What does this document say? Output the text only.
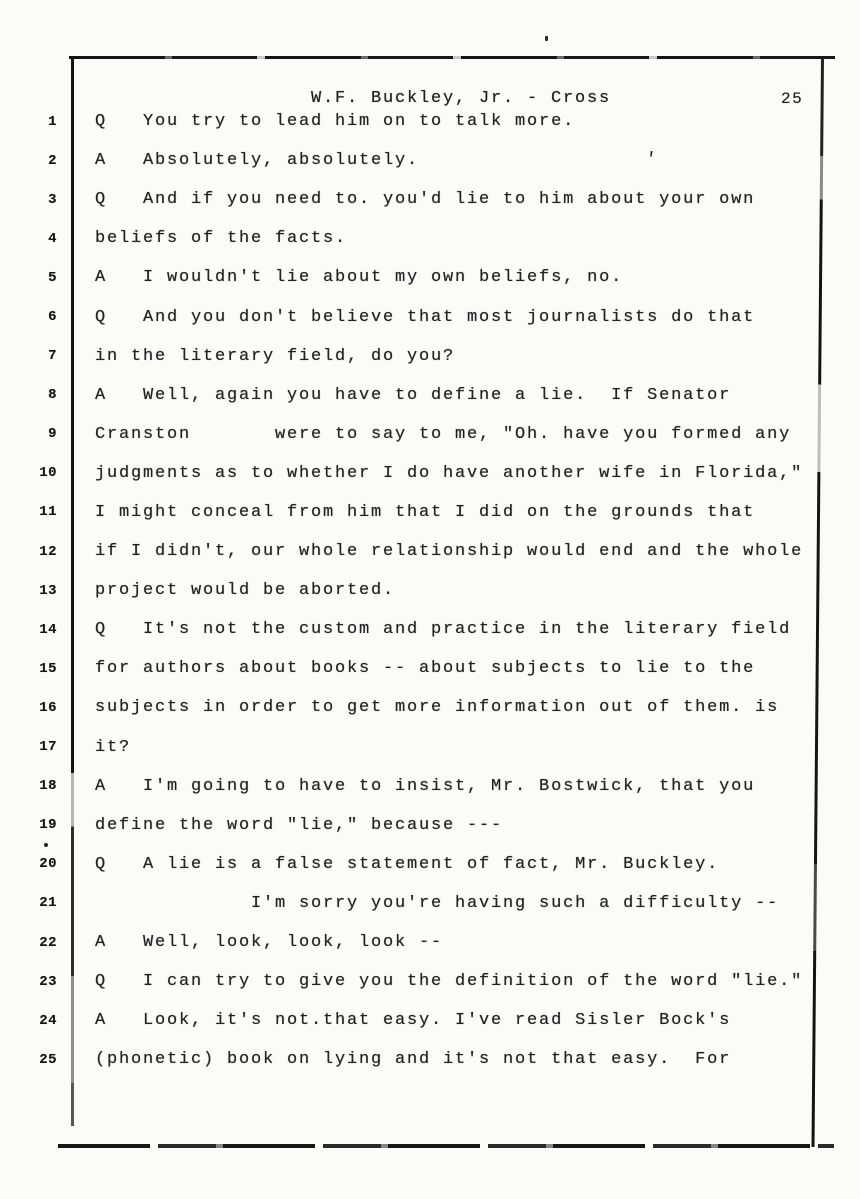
W.F. Buckley, Jr. - Cross	25
1 Q   You try to lead him on to talk more.
2 A   Absolutely, absolutely.
3 Q   And if you need to. you'd lie to him about your own
4 beliefs of the facts.
5 A   I wouldn't lie about my own beliefs, no.
6 Q   And you don't believe that most journalists do that
7 in the literary field, do you?
8 A   Well, again you have to define a lie.  If Senator
9 Cranston       were to say to me, "Oh. have you formed any
10 judgments as to whether I do have another wife in Florida,"
11 I might conceal from him that I did on the grounds that
12 if I didn't, our whole relationship would end and the whole
13 project would be aborted.
14 Q   It's not the custom and practice in the literary field
15 for authors about books -- about subjects to lie to the
16 subjects in order to get more information out of them. is
17 it?
18 A   I'm going to have to insist, Mr. Bostwick, that you
19 define the word "lie," because ---
20 Q   A lie is a false statement of fact, Mr. Buckley.
21 I'm sorry you're having such a difficulty --
22 A   Well, look, look, look --
23 Q   I can try to give you the definition of the word "lie."
24 A   Look, it's not.that easy. I've read Sisler Bock's
25 (phonetic) book on lying and it's not that easy.  For
'
